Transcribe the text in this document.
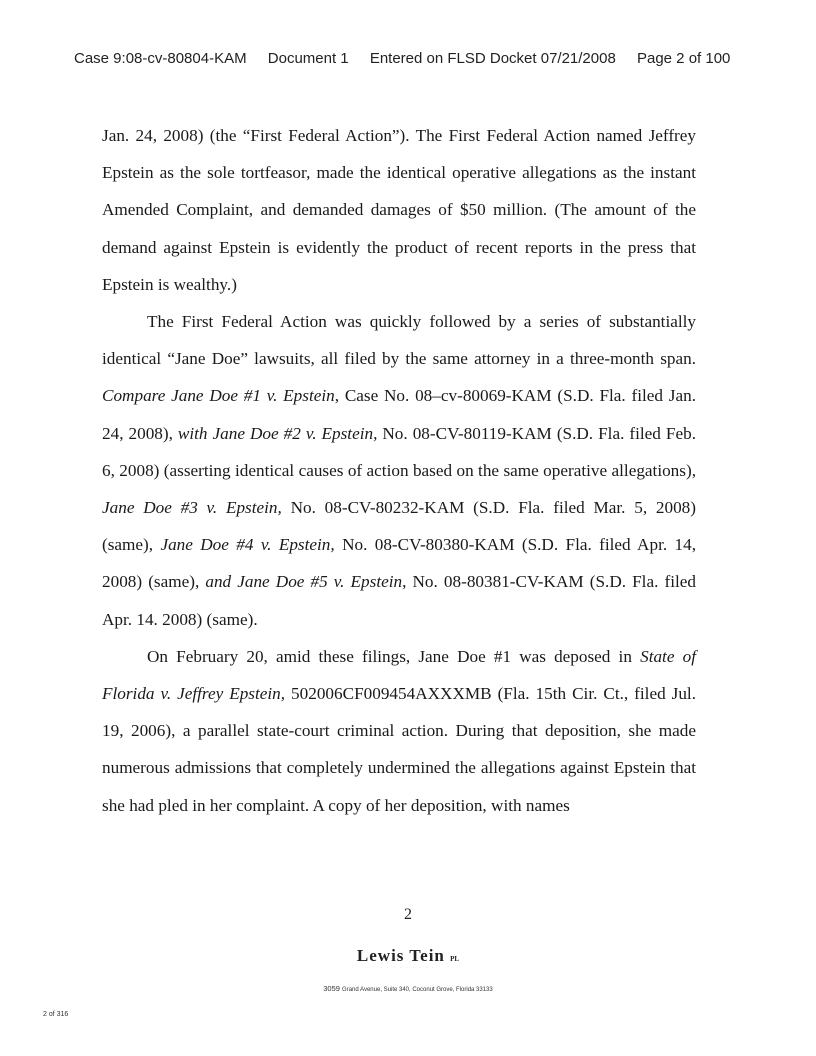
Case 9:08-cv-80804-KAM Document 1 Entered on FLSD Docket 07/21/2008 Page 2 of 100

Jan. 24, 2008) (the “First Federal Action”). The First Federal Action named Jeffrey Epstein as the sole tortfeasor, made the identical operative allegations as the instant Amended Complaint, and demanded damages of $50 million. (The amount of the demand against Epstein is evidently the product of recent reports in the press that Epstein is wealthy.)

The First Federal Action was quickly followed by a series of substantially identical “Jane Doe” lawsuits, all filed by the same attorney in a three-month span. Compare Jane Doe #1 v. Epstein, Case No. 08–cv-80069-KAM (S.D. Fla. filed Jan. 24, 2008), with Jane Doe #2 v. Epstein, No. 08-CV-80119-KAM (S.D. Fla. filed Feb. 6, 2008) (asserting identical causes of action based on the same operative allegations), Jane Doe #3 v. Epstein, No. 08-CV-80232-KAM (S.D. Fla. filed Mar. 5, 2008) (same), Jane Doe #4 v. Epstein, No. 08-CV-80380-KAM (S.D. Fla. filed Apr. 14, 2008) (same), and Jane Doe #5 v. Epstein, No. 08-80381-CV-KAM (S.D. Fla. filed Apr. 14. 2008) (same).

On February 20, amid these filings, Jane Doe #1 was deposed in State of Florida v. Jeffrey Epstein, 502006CF009454AXXXMB (Fla. 15th Cir. Ct., filed Jul. 19, 2006), a parallel state-court criminal action. During that deposition, she made numerous admissions that completely undermined the allegations against Epstein that she had pled in her complaint. A copy of her deposition, with names

2
Lewis Tein PL
· · · · · · · · ·
3059 Grand Avenue, Suite 340, Coconut Grove, Florida 33133
2 of 316
